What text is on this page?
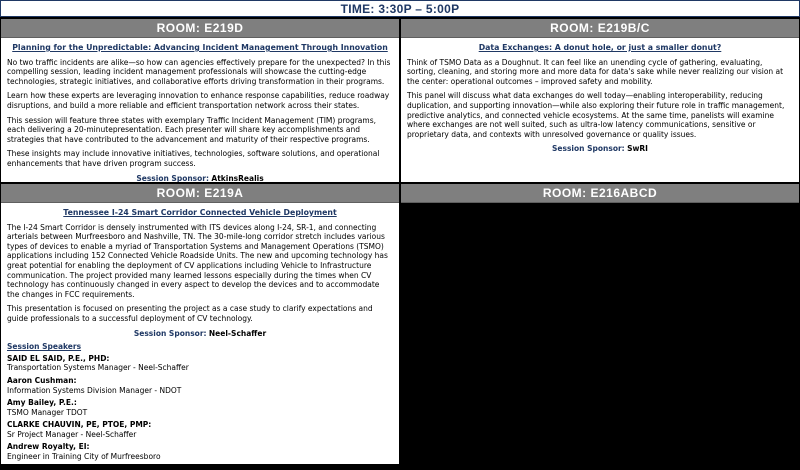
TIME: 3:30P – 5:00P
ROOM: E219D
Planning for the Unpredictable: Advancing Incident Management Through Innovation

No two traffic incidents are alike—so how can agencies effectively prepare for the unexpected? In this compelling session, leading incident management professionals will showcase the cutting-edge technologies, strategic initiatives, and collaborative efforts driving transformation in their programs.

Learn how these experts are leveraging innovation to enhance response capabilities, reduce roadway disruptions, and build a more reliable and efficient transportation network across their states.

This session will feature three states with exemplary Traffic Incident Management (TIM) programs, each delivering a 20-minutepresentation. Each presenter will share key accomplishments and strategies that have contributed to the advancement and maturity of their respective programs.

These insights may include innovative initiatives, technologies, software solutions, and operational enhancements that have driven program success.

Session Sponsor: AtkinsRealis
ROOM: E219B/C
Data Exchanges: A donut hole, or just a smaller donut?

Think of TSMO Data as a Doughnut. It can feel like an unending cycle of gathering, evaluating, sorting, cleaning, and storing more and more data for data's sake while never realizing our vision at the center: operational outcomes – improved safety and mobility.

This panel will discuss what data exchanges do well today—enabling interoperability, reducing duplication, and supporting innovation—while also exploring their future role in traffic management, predictive analytics, and connected vehicle ecosystems. At the same time, panelists will examine where exchanges are not well suited, such as ultra-low latency communications, sensitive or proprietary data, and contexts with unresolved governance or quality issues.

Session Sponsor: SwRI
ROOM: E219A
Tennessee I-24 Smart Corridor Connected Vehicle Deployment

The I-24 Smart Corridor is densely instrumented with ITS devices along I-24, SR-1, and connecting arterials between Murfreesboro and Nashville, TN. The 30-mile-long corridor stretch includes various types of devices to enable a myriad of Transportation Systems and Management Operations (TSMO) applications including 152 Connected Vehicle Roadside Units. The new and upcoming technology has great potential for enabling the deployment of CV applications including Vehicle to Infrastructure communication. The project provided many learned lessons especially during the times when CV technology has continuously changed in every aspect to develop the devices and to accommodate the changes in FCC requirements.

This presentation is focused on presenting the project as a case study to clarify expectations and guide professionals to a successful deployment of CV technology.

Session Sponsor: Neel-Schaffer
Session Speakers
SAID EL SAID, P.E., PHD:
Transportation Systems Manager - Neel-Schaffer
Aaron Cushman:
Information Systems Division Manager - NDOT
Amy Bailey, P.E.:
TSMO Manager TDOT
CLARKE CHAUVIN, PE, PTOE, PMP:
Sr Project Manager - Neel-Schaffer
Andrew Royalty, EI:
Engineer in Training City of Murfreesboro
ROOM: E216ABCD
